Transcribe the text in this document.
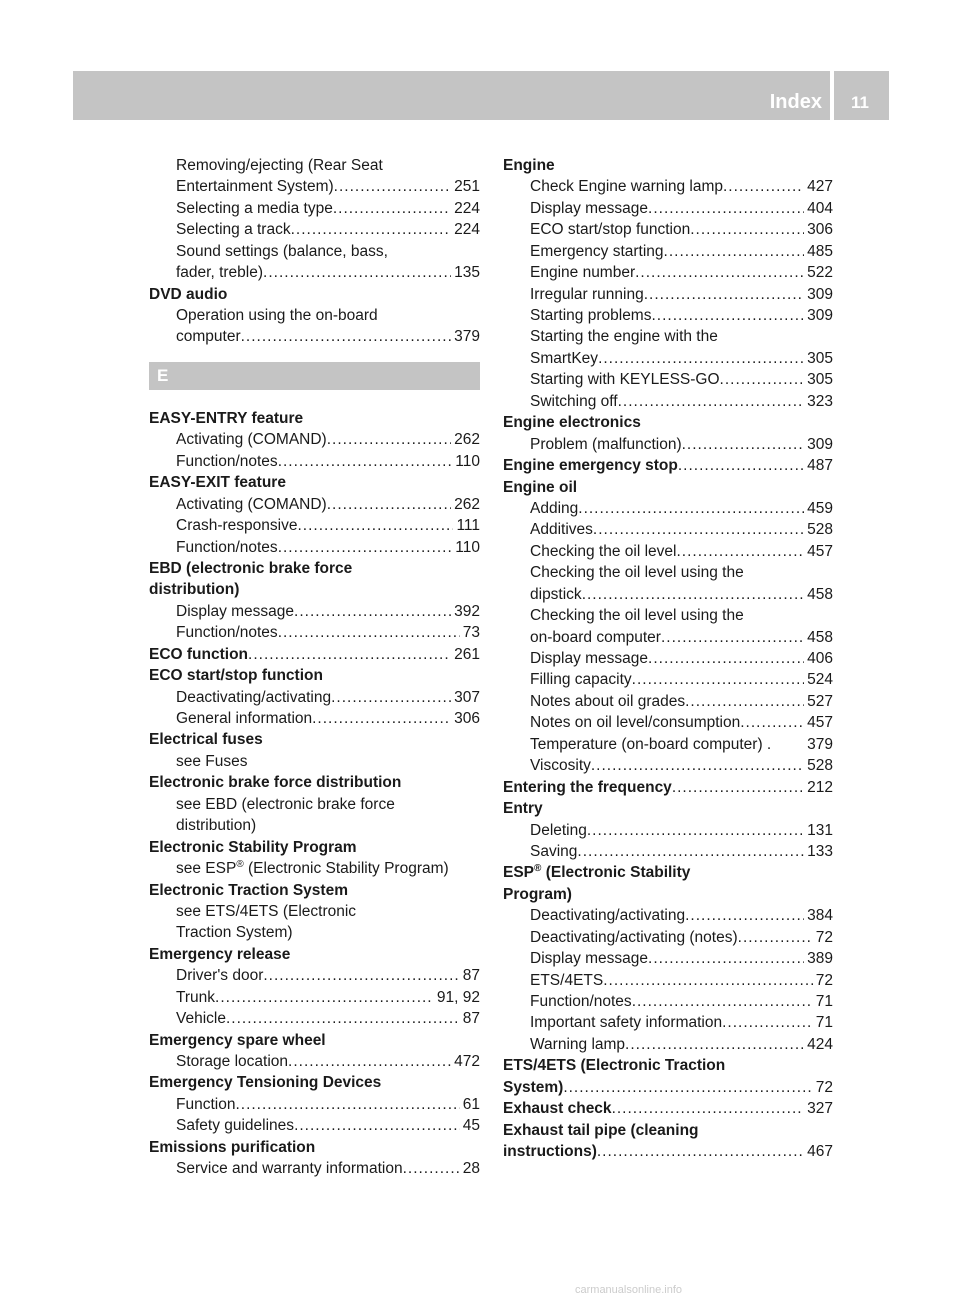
Index	11
Removing/ejecting (Rear Seat
Entertainment System) .....	251
Selecting a media type .....	224
Selecting a track .....	224
Sound settings (balance, bass,
fader, treble) .....	135
DVD audio
Operation using the on-board
computer .....	379
E
EASY-ENTRY feature
Activating (COMAND) .....	262
Function/notes .....	110
EASY-EXIT feature
Activating (COMAND) .....	262
Crash-responsive .....	111
Function/notes .....	110
EBD (electronic brake force
distribution)
Display message .....	392
Function/notes .....	73
ECO function .....	261
ECO start/stop function
Deactivating/activating .....	307
General information .....	306
Electrical fuses
see Fuses
Electronic brake force distribution
see EBD (electronic brake force
distribution)
Electronic Stability Program
see ESP® (Electronic Stability Program)
Electronic Traction System
see ETS/4ETS (Electronic
Traction System)
Emergency release
Driver's door .....	87
Trunk .....	91, 92
Vehicle .....	87
Emergency spare wheel
Storage location .....	472
Emergency Tensioning Devices
Function .....	61
Safety guidelines .....	45
Emissions purification
Service and warranty information .....	28
Engine
Check Engine warning lamp .....	427
Display message .....	404
ECO start/stop function .....	306
Emergency starting .....	485
Engine number .....	522
Irregular running .....	309
Starting problems .....	309
Starting the engine with the
SmartKey .....	305
Starting with KEYLESS-GO .....	305
Switching off .....	323
Engine electronics
Problem (malfunction) .....	309
Engine emergency stop .....	487
Engine oil
Adding .....	459
Additives .....	528
Checking the oil level .....	457
Checking the oil level using the
dipstick .....	458
Checking the oil level using the
on-board computer .....	458
Display message .....	406
Filling capacity .....	524
Notes about oil grades .....	527
Notes on oil level/consumption .....	457
Temperature (on-board computer) . 379
Viscosity .....	528
Entering the frequency .....	212
Entry
Deleting .....	131
Saving .....	133
ESP® (Electronic Stability
Program)
Deactivating/activating .....	384
Deactivating/activating (notes) .....	72
Display message .....	389
ETS/4ETS .....	72
Function/notes .....	71
Important safety information .....	71
Warning lamp .....	424
ETS/4ETS (Electronic Traction
System) .....	72
Exhaust check .....	327
Exhaust tail pipe (cleaning
instructions) .....	467
carmanualsonline.info
